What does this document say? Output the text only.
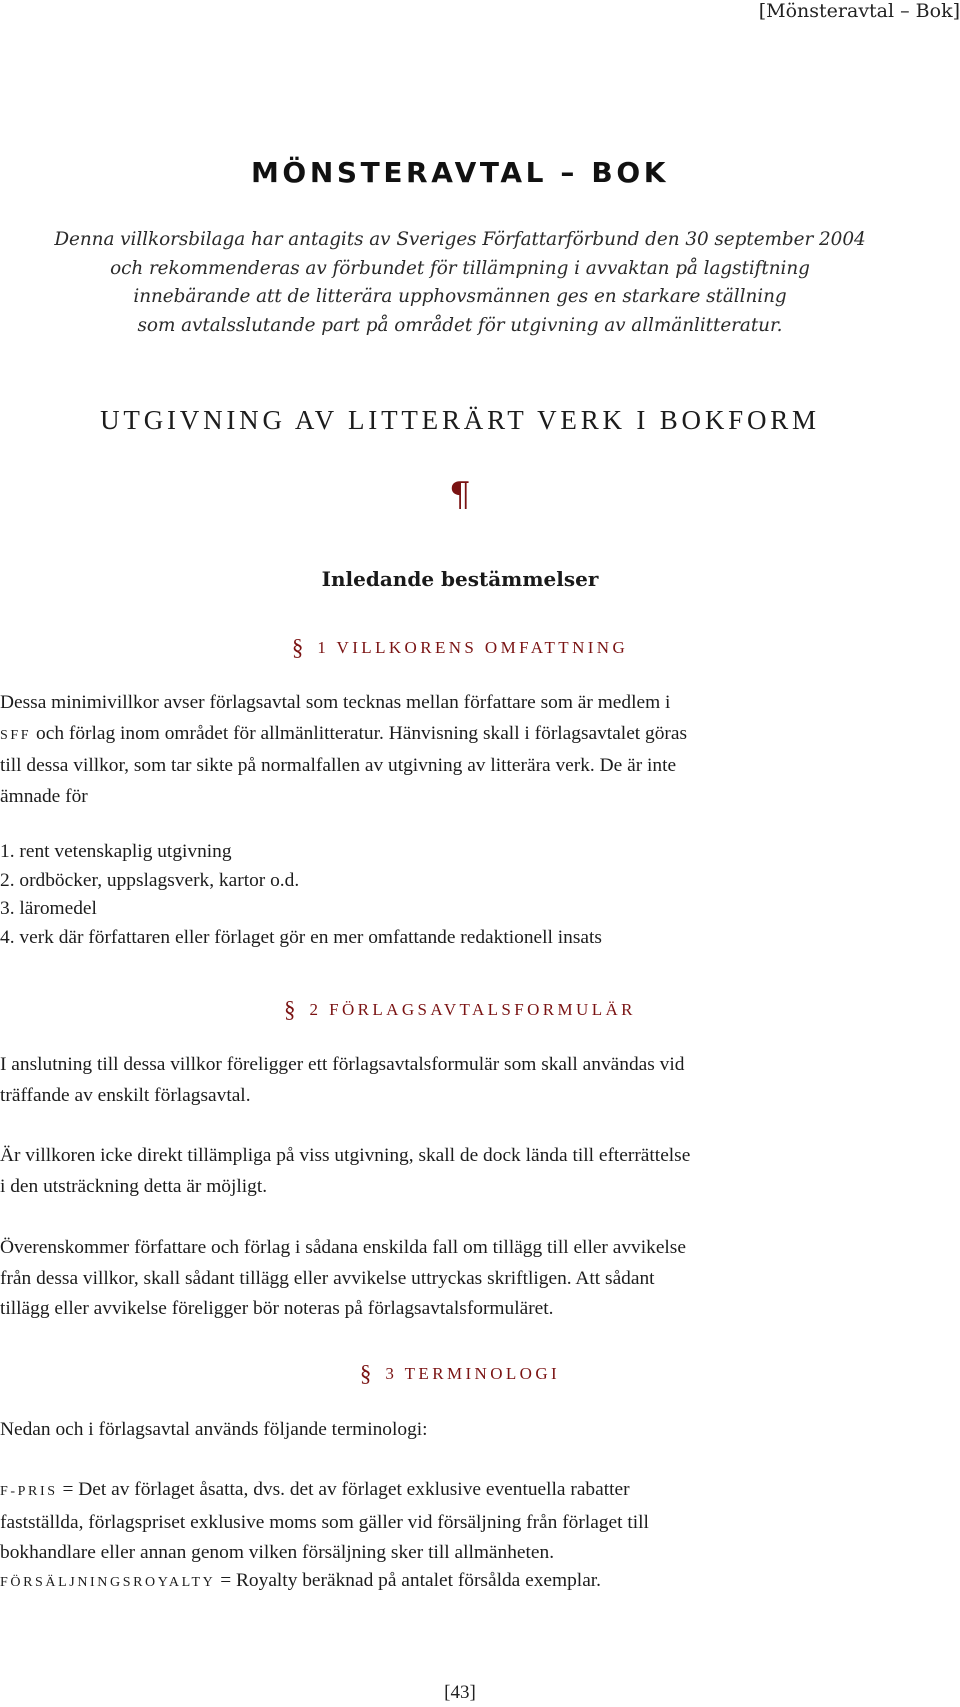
[Mönsteravtal – Bok]
MÖNSTERAVTAL – BOK

Denna villkorsbilaga har antagits av Sveriges Författarförbund den 30 september 2004
och rekommenderas av förbundet för tillämpning i avvaktan på lagstiftning
innebärande att de litterära upphovsmännen ges en starkare ställning
som avtalsslutande part på området för utgivning av allmänlitteratur.

UTGIVNING AV LITTERÄRT VERK I BOKFORM
¶
Inledande bestämmelser
§ 1 VILLKORENS OMFATTNING
Dessa minimivillkor avser förlagsavtal som tecknas mellan författare som är medlem i
SFF och förlag inom området för allmänlitteratur. Hänvisning skall i förlagsavtalet göras
till dessa villkor, som tar sikte på normalfallen av utgivning av litterära verk. De är inte
ämnade för
1. rent vetenskaplig utgivning
2. ordböcker, uppslagsverk, kartor o.d.
3. läromedel
4. verk där författaren eller förlaget gör en mer omfattande redaktionell insats
§ 2 FÖRLAGSAVTALSFORMULÄR
I anslutning till dessa villkor föreligger ett förlagsavtalsformulär som skall användas vid
träffande av enskilt förlagsavtal.
Är villkoren icke direkt tillämpliga på viss utgivning, skall de dock lända till efterrättelse
i den utsträckning detta är möjligt.
Överenskommer författare och förlag i sådana enskilda fall om tillägg till eller avvikelse
från dessa villkor, skall sådant tillägg eller avvikelse uttryckas skriftligen. Att sådant
tillägg eller avvikelse föreligger bör noteras på förlagsavtalsformuläret.
§ 3 TERMINOLOGI
Nedan och i förlagsavtal används följande terminologi:
F-PRIS = Det av förlaget åsatta, dvs. det av förlaget exklusive eventuella rabatter
fastställda, förlagspriset exklusive moms som gäller vid försäljning från förlaget till
bokhandlare eller annan genom vilken försäljning sker till allmänheten.
FÖRSÄLJNINGSROYALTY = Royalty beräknad på antalet försålda exemplar.
[43]
